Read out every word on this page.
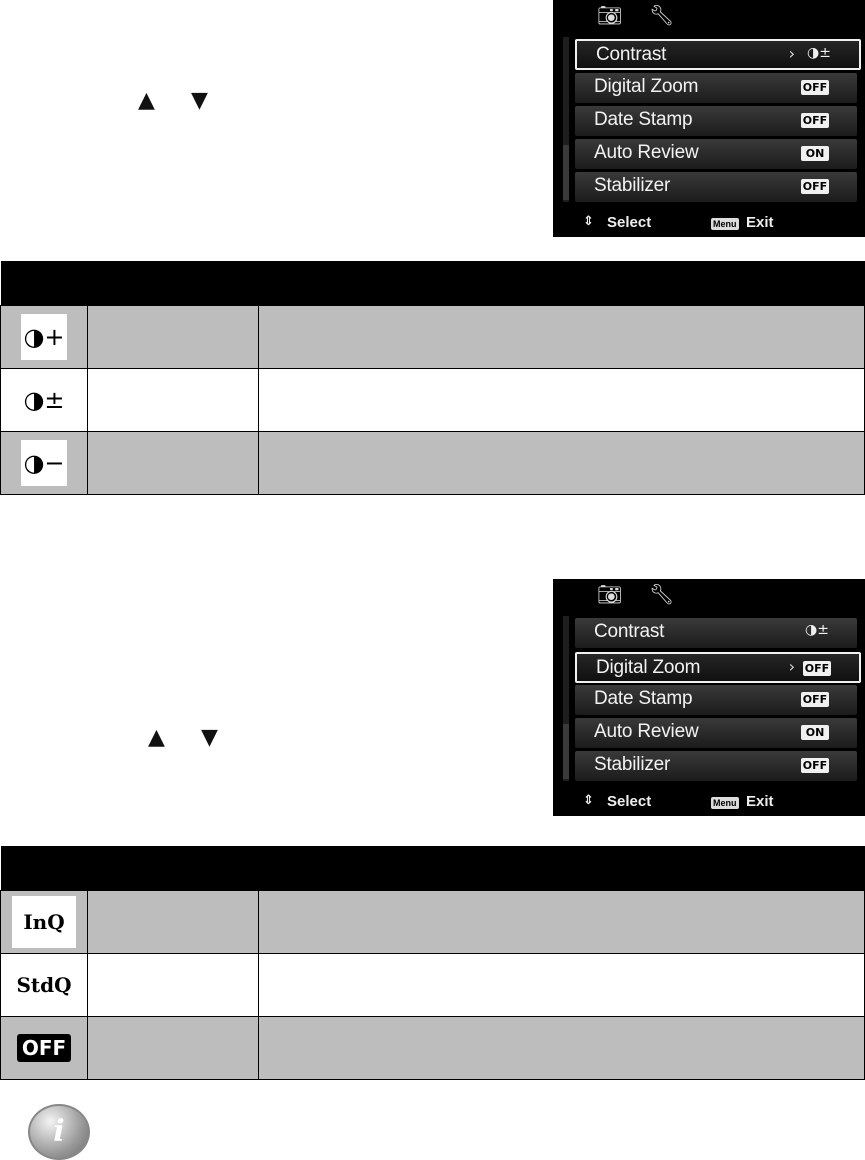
▲ ▼
▲ ▼
📷︎ 🔧︎
Contrast	› ◑±
Digital Zoom	OFF
Date Stamp	OFF
Auto Review	ON
Stabilizer	OFF
⇕ Select	Menu Exit

◑+		
◑±		
◑−		
📷︎ 🔧︎
Contrast	◑±
Digital Zoom	› OFF
Date Stamp	OFF
Auto Review	ON
Stabilizer	OFF
⇕ Select	Menu Exit

InQ		
StdQ		
OFF		
i
